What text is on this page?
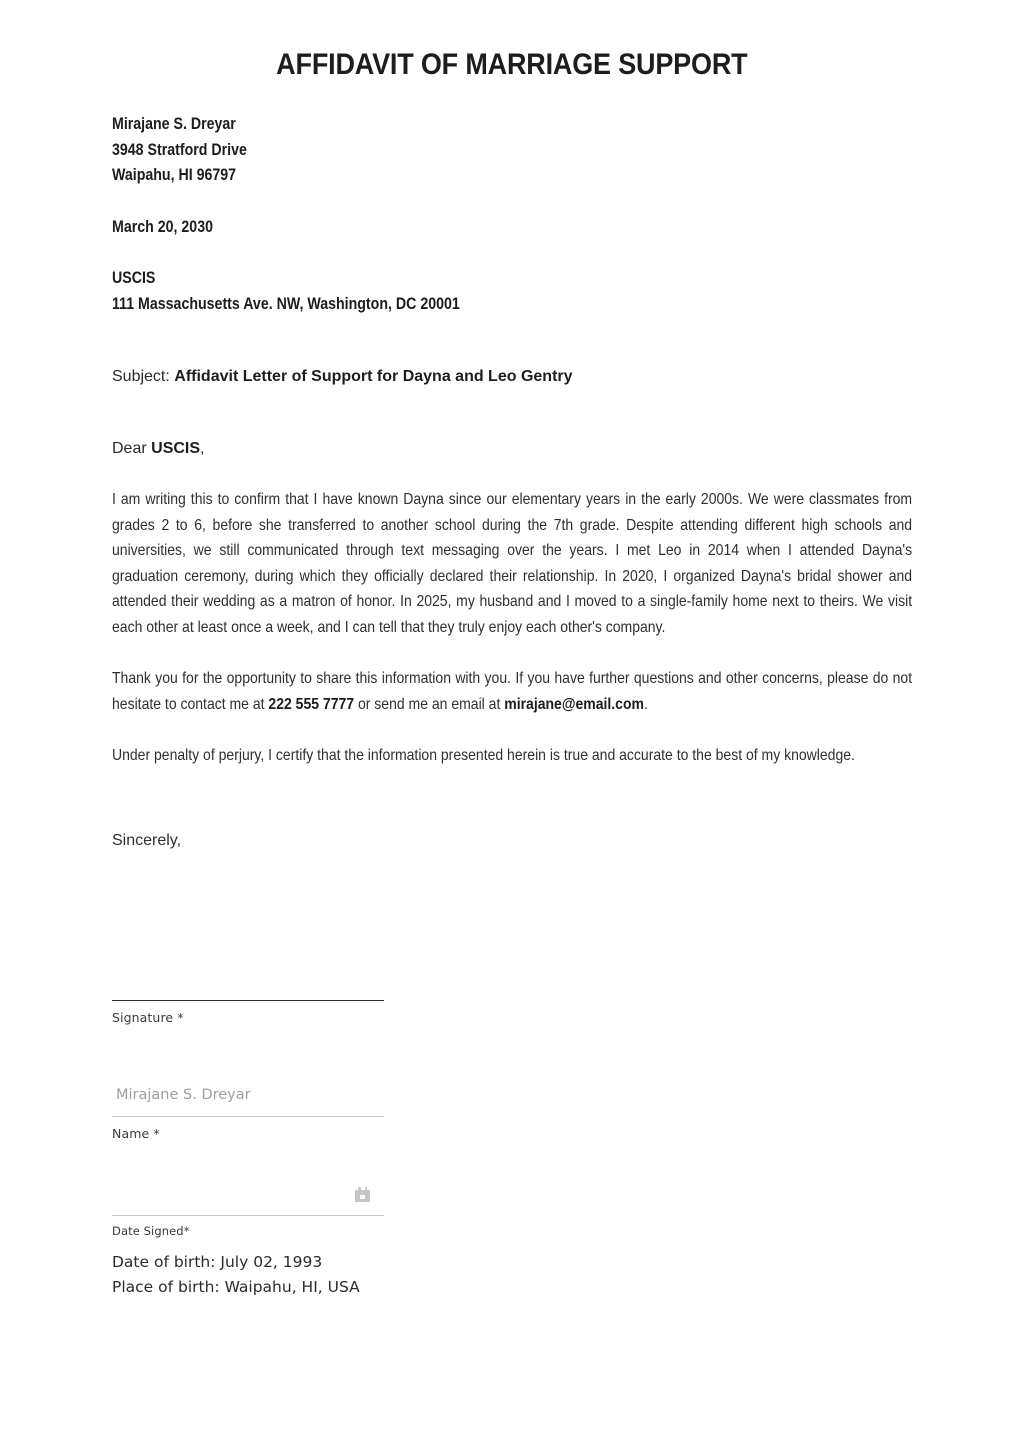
AFFIDAVIT OF MARRIAGE SUPPORT
Mirajane S. Dreyar
3948 Stratford Drive
Waipahu, HI 96797
March 20, 2030
USCIS
111 Massachusetts Ave. NW, Washington, DC 20001
Subject: Affidavit Letter of Support for Dayna and Leo Gentry
Dear USCIS,
I am writing this to confirm that I have known Dayna since our elementary years in the early 2000s. We were classmates from grades 2 to 6, before she transferred to another school during the 7th grade. Despite attending different high schools and universities, we still communicated through text messaging over the years. I met Leo in 2014 when I attended Dayna's graduation ceremony, during which they officially declared their relationship. In 2020, I organized Dayna's bridal shower and attended their wedding as a matron of honor. In 2025, my husband and I moved to a single-family home next to theirs. We visit each other at least once a week, and I can tell that they truly enjoy each other's company.
Thank you for the opportunity to share this information with you. If you have further questions and other concerns, please do not hesitate to contact me at 222 555 7777 or send me an email at mirajane@email.com.
Under penalty of perjury, I certify that the information presented herein is true and accurate to the best of my knowledge.
Sincerely,
Signature *
Mirajane S. Dreyar
Name *
Date Signed*
Date of birth: July 02, 1993
Place of birth: Waipahu, HI, USA
